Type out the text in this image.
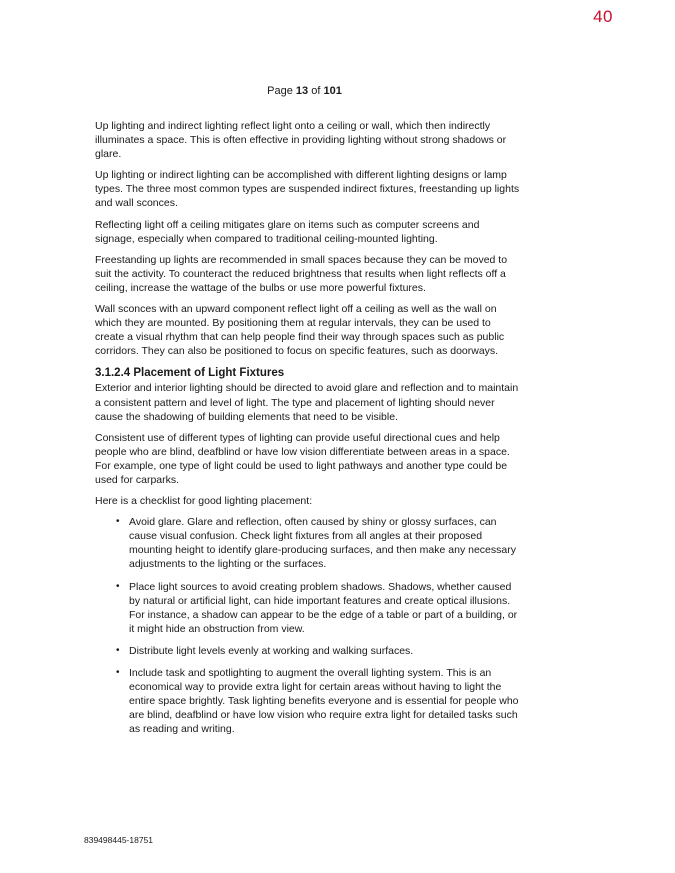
40
Page 13 of 101

Up lighting and indirect lighting reflect light onto a ceiling or wall, which then indirectly illuminates a space. This is often effective in providing lighting without strong shadows or glare.

Up lighting or indirect lighting can be accomplished with different lighting designs or lamp types. The three most common types are suspended indirect fixtures, freestanding up lights and wall sconces.

Reflecting light off a ceiling mitigates glare on items such as computer screens and signage, especially when compared to traditional ceiling-mounted lighting.

Freestanding up lights are recommended in small spaces because they can be moved to suit the activity. To counteract the reduced brightness that results when light reflects off a ceiling, increase the wattage of the bulbs or use more powerful fixtures.

Wall sconces with an upward component reflect light off a ceiling as well as the wall on which they are mounted. By positioning them at regular intervals, they can be used to create a visual rhythm that can help people find their way through spaces such as public corridors. They can also be positioned to focus on specific features, such as doorways.

3.1.2.4 Placement of Light Fixtures

Exterior and interior lighting should be directed to avoid glare and reflection and to maintain a consistent pattern and level of light. The type and placement of lighting should never cause the shadowing of building elements that need to be visible.

Consistent use of different types of lighting can provide useful directional cues and help people who are blind, deafblind or have low vision differentiate between areas in a space. For example, one type of light could be used to light pathways and another type could be used for carparks.

Here is a checklist for good lighting placement:

• Avoid glare. Glare and reflection, often caused by shiny or glossy surfaces, can cause visual confusion. Check light fixtures from all angles at their proposed mounting height to identify glare-producing surfaces, and then make any necessary adjustments to the lighting or the surfaces.
• Place light sources to avoid creating problem shadows. Shadows, whether caused by natural or artificial light, can hide important features and create optical illusions. For instance, a shadow can appear to be the edge of a table or part of a building, or it might hide an obstruction from view.
• Distribute light levels evenly at working and walking surfaces.
• Include task and spotlighting to augment the overall lighting system. This is an economical way to provide extra light for certain areas without having to light the entire space brightly. Task lighting benefits everyone and is essential for people who are blind, deafblind or have low vision who require extra light for detailed tasks such as reading and writing.
839498445-18751
